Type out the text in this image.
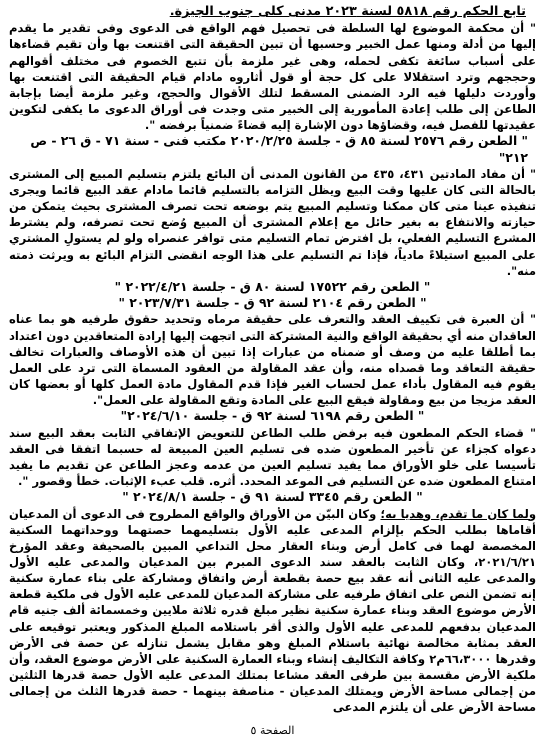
تابع الحكم رقم ٥٨١٨ لسنة ٢٠٢٣ مدنى كلى جنوب الجيزة.

" أن محكمة الموضوع لها السلطة فى تحصيل فهم الواقع فى الدعوى وفى تقدير ما يقدم إليها من أدلة ومنها عمل الخبير وحسبها أن تبين الحقيقة التى اقتنعت بها وأن تقيم قضاءها على أسباب سائغة تكفى لحمله، وهى غير ملزمة بأن تتبع الخصوم فى مختلف أقوالهم وحججهم وترد استقلالا على كل حجة أو قول أثاروه مادام قيام الحقيقة التى اقتنعت بها وأوردت دليلها فيه الرد الضمنى المسقط لتلك الأقوال والحجج، وغير ملزمة أيضا بإجابة الطاعن إلى طلب إعادة المأمورية إلى الخبير متى وجدت فى أوراق الدعوى ما يكفى لتكوين عقيدتها للفصل فيه، وقضاؤها دون الإشارة إليه قضاءً ضمنياً برفضه ".

" الطعن رقم ٢٥٧٦ لسنة ٨٥ ق - جلسة ٢٠٢٠/٢/٢٥ مكتب فنى - سنة ٧١ - ق ٢٦ - ص ٢١٢"

" أن مفاد المادتين ٤٣١، ٤٣٥ من القانون المدنى أن البائع يلتزم بتسليم المبيع إلى المشترى بالحالة التى كان عليها وقت البيع ويظل التزامه بالتسليم قائما مادام عقد البيع قائما ويجرى تنفيذه عينا متى كان ممكنا وتسليم المبيع يتم بوضعه تحت تصرف المشترى بحيث يتمكن من حيازته والانتفاع به بغير حائل مع إعلام المشترى أن المبيع وُضع تحت تصرفه، ولم يشترط المشرع التسليم الفعلي، بل افترض تمام التسليم متى توافر عنصراه ولو لم يستولِ المشتري على المبيع استيلاءً مادياً، فإذا تم التسليم على هذا الوجه انقضى التزام البائع به ويرثت ذمته منه".

" الطعن رقم ١٧٥٢٢ لسنة ٨٠ ق - جلسة ٢٠٢٢/٤/٢١ "
" الطعن رقم ٢١٠٤ لسنة ٩٢ ق - جلسة ٢٠٢٣/٧/٣١ "

" أن العبرة فى تكييف العقد والتعرف على حقيقة مرماه وتحديد حقوق طرفيه هو بما عناه العاقدان منه أي بحقيقة الواقع والنية المشتركة التى اتجهت إليها إرادة المتعاقدين دون اعتداد بما أطلقا عليه من وصف أو ضمناه من عبارات إذا تبين أن هذه الأوصاف والعبارات تخالف حقيقة التعاقد وما قصداه منه، وأن عقد المقاولة من العقود المسماة التى ترد على العمل يقوم فيه المقاول بأداء عمل لحساب الغير فإذا قدم المقاول مادة العمل كلها أو بعضها كان العقد مزيجا من بيع ومقاولة فيقع البيع على المادة وتقع المقاولة على العمل".

" الطعن رقم ٦١٩٨ لسنة ٩٢ ق - جلسة ٢٠٢٤/٦/١٠"

" قضاء الحكم المطعون فيه برفض طلب الطاعن للتعويض الإتفاقي الثابت بعقد البيع سند دعواه كجزاء عن تأخير المطعون ضده فى تسليم العين المبيعة له حسبما اتفقا فى العقد تأسيسا على خلو الأوراق مما يفيد تسليم العين من عدمه وعجز الطاعن عن تقديم ما يفيد امتناع المطعون ضده عن التسليم فى الموعد المحدد. أثره. قلب عبء الإثبات. خطأ وقصور ".

" الطعن رقم ٣٣٤٥ لسنة ٩١ ق - جلسة ٢٠٢٤/٨/١ "

ولما كان ما تقدم، وهديا به؛ وكان البيّن من الأوراق والواقع المطروح فى الدعوى أن المدعيان أقاماها بطلب الحكم بإلزام المدعى عليه الأول بتسليمهما حصتهما ووحداتهما السكنية المخصصة لهما فى كامل أرض وبناء العقار محل التداعي المبين بالصحيفة وعقد المؤرخ ٢٠٢١/٦/٢١، وكان الثابت بالعقد سند الدعوى المبرم بين المدعيان والمدعى عليه الأول والمدعى عليه الثانى أنه عقد بيع حصة بقطعة أرض واتفاق ومشاركة على بناء عمارة سكنية إنه تضمن النص على اتفاق طرفيه على مشاركة المدعيان للمدعى عليه الأول فى ملكية قطعة الأرض موضوع العقد وبناء عمارة سكنية نظير مبلغ قدره ثلاثة ملايين وخمسمائة ألف جنيه قام المدعيان بدفعهم للمدعى عليه الأول والذى أقر باستلامه المبلغ المذكور ويعتبر توقيعه على العقد بمثابة مخالصة نهائية باستلام المبلغ وهو مقابل يشمل تنازله عن حصة فى الأرض وقدرها ٦٦،٣٠٠٠م٢ وكافة التكاليف إنشاء وبناء العمارة السكنية على الأرض موضوع العقد، وأن ملكية الأرض مقسمة بين طرفى العقد مشاعا بمتلك المدعى عليه الأول حصة قدرها الثلثين من إجمالى مساحة الأرض ويمتلك المدعيان - مناصفة بينهما - حصة قدرها الثلث من إجمالى مساحة الأرض على أن يلتزم المدعى

الصفحة ٥
